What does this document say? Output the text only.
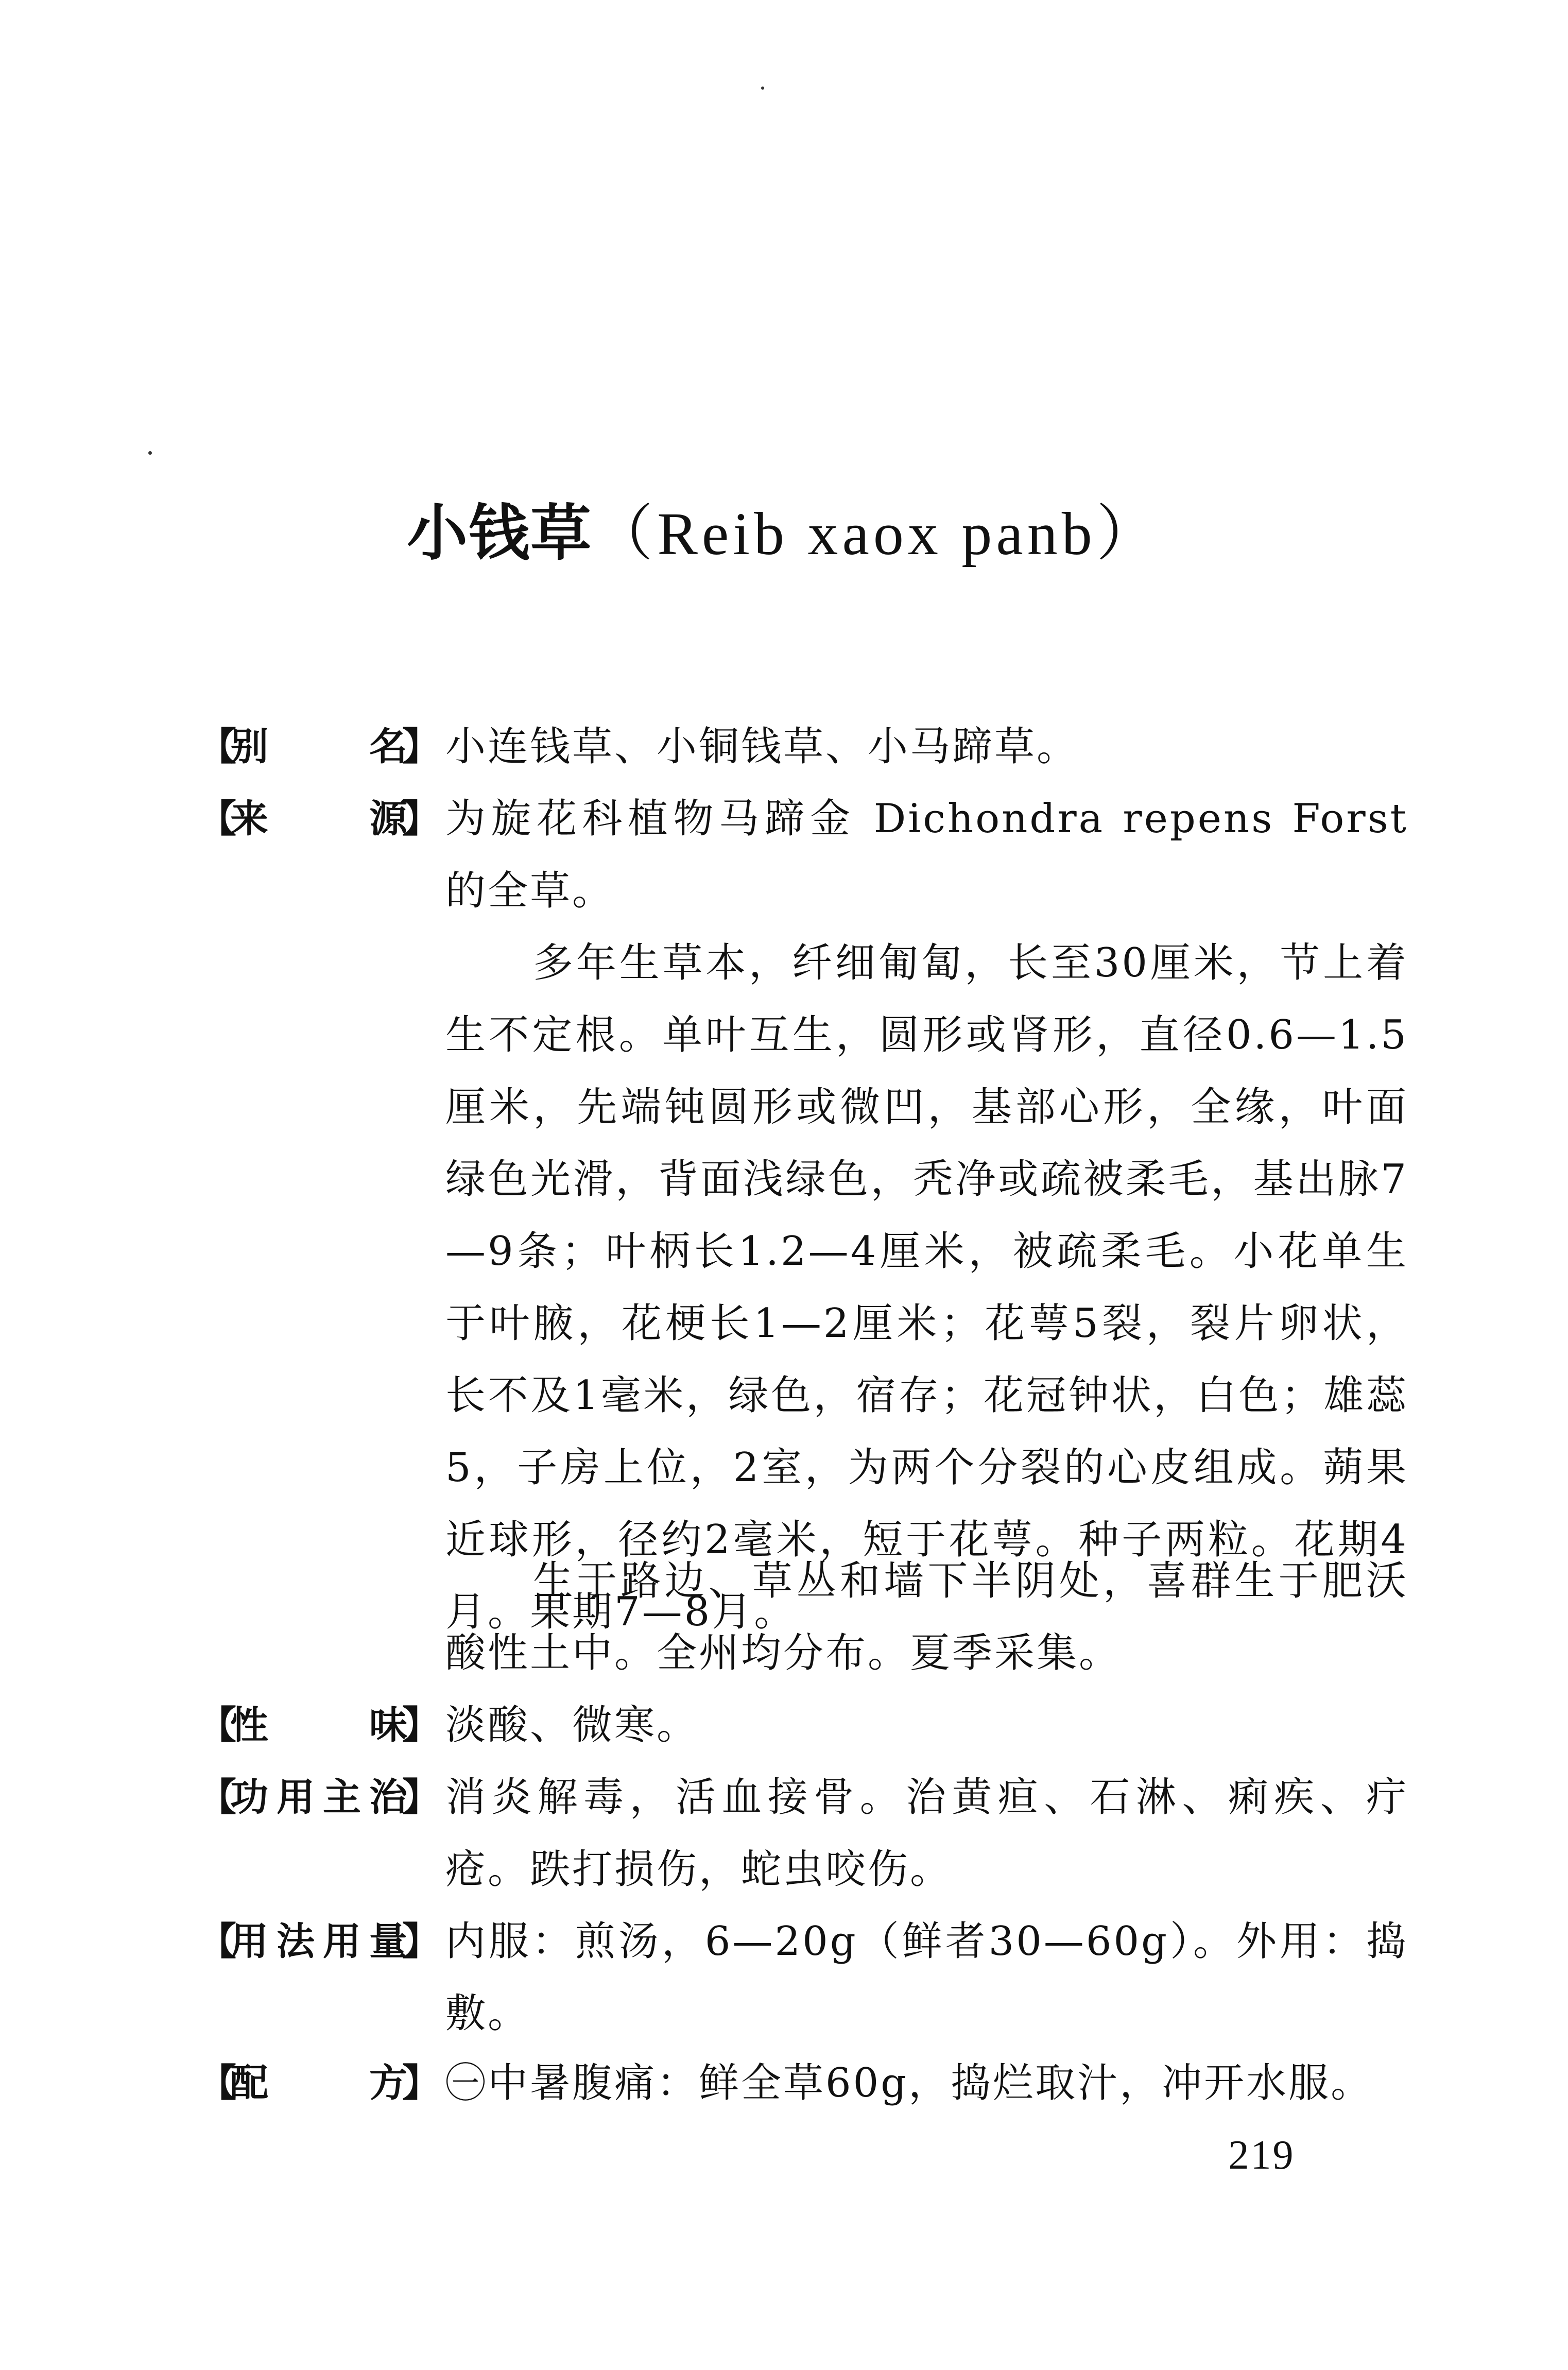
小钱草（Reib xaox panb）
【
别名
】 小连钱草、小铜钱草、小马蹄草。
【
来源
】 为旋花科植物马蹄金 Dichondra repens Forst 的全草。
多年生草本，纤细匍匐，长至30厘米，节上着生不定根。单叶互生，圆形或肾形，直径0.6—1.5厘米，先端钝圆形或微凹，基部心形，全缘，叶面绿色光滑，背面浅绿色，秃净或疏被柔毛，基出脉7—9条；叶柄长1.2—4厘米，被疏柔毛。小花单生于叶腋，花梗长1—2厘米；花萼5裂，裂片卵状，长不及1毫米，绿色，宿存；花冠钟状，白色；雄蕊5，子房上位，2室，为两个分裂的心皮组成。蒴果近球形，径约2毫米，短于花萼。种子两粒。花期4月。果期7—8月。
生于路边、草丛和墙下半阴处，喜群生于肥沃酸性土中。全州均分布。夏季采集。
【
性味
】 淡酸、微寒。
【
功用主治
】 消炎解毒，活血接骨。治黄疸、石淋、痢疾、疔疮。跌打损伤，蛇虫咬伤。
【
用法用量
】 内服：煎汤，6—20g（鲜者30—60g）。外用：捣敷。
【
配方
】 ㊀中暑腹痛：鲜全草60g，捣烂取汁，冲开水服。
219
